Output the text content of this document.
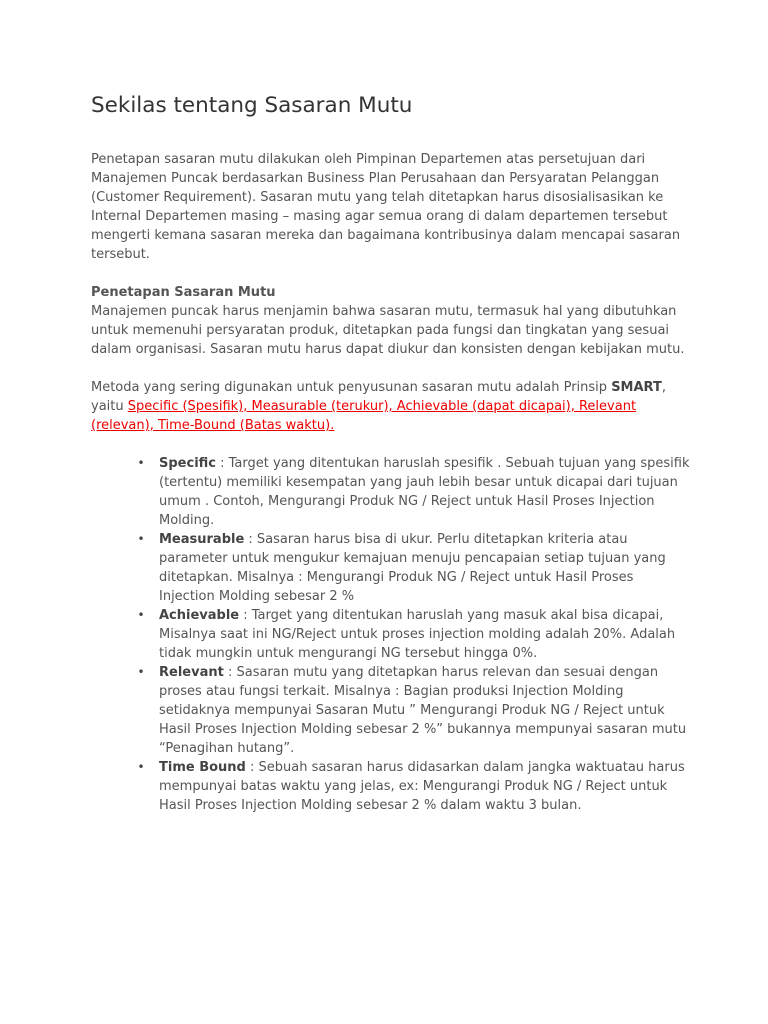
Sekilas tentang Sasaran Mutu

Penetapan sasaran mutu dilakukan oleh Pimpinan Departemen atas persetujuan dari Manajemen Puncak berdasarkan Business Plan Perusahaan dan Persyaratan Pelanggan (Customer Requirement). Sasaran mutu yang telah ditetapkan harus disosialisasikan ke Internal Departemen masing – masing agar semua orang di dalam departemen tersebut mengerti kemana sasaran mereka dan bagaimana kontribusinya dalam mencapai sasaran tersebut.

Penetapan Sasaran Mutu
Manajemen puncak harus menjamin bahwa sasaran mutu, termasuk hal yang dibutuhkan untuk memenuhi persyaratan produk, ditetapkan pada fungsi dan tingkatan yang sesuai dalam organisasi. Sasaran mutu harus dapat diukur dan konsisten dengan kebijakan mutu.

Metoda yang sering digunakan untuk penyusunan sasaran mutu adalah Prinsip SMART, yaitu Specific (Spesifik), Measurable (terukur), Achievable (dapat dicapai), Relevant (relevan), Time-Bound (Batas waktu).

• Specific : Target yang ditentukan haruslah spesifik . Sebuah tujuan yang spesifik (tertentu) memiliki kesempatan yang jauh lebih besar untuk dicapai dari tujuan umum . Contoh, Mengurangi Produk NG / Reject untuk Hasil Proses Injection Molding.
• Measurable : Sasaran harus bisa di ukur. Perlu ditetapkan kriteria atau parameter untuk mengukur kemajuan menuju pencapaian setiap tujuan yang ditetapkan. Misalnya : Mengurangi Produk NG / Reject untuk Hasil Proses Injection Molding sebesar 2 %
• Achievable : Target yang ditentukan haruslah yang masuk akal bisa dicapai, Misalnya saat ini NG/Reject untuk proses injection molding adalah 20%. Adalah tidak mungkin untuk mengurangi NG tersebut hingga 0%.
• Relevant : Sasaran mutu yang ditetapkan harus relevan dan sesuai dengan proses atau fungsi terkait. Misalnya : Bagian produksi Injection Molding setidaknya mempunyai Sasaran Mutu ” Mengurangi Produk NG / Reject untuk Hasil Proses Injection Molding sebesar 2 %” bukannya mempunyai sasaran mutu “Penagihan hutang”.
• Time Bound : Sebuah sasaran harus didasarkan dalam jangka waktuatau harus mempunyai batas waktu yang jelas, ex: Mengurangi Produk NG / Reject untuk Hasil Proses Injection Molding sebesar 2 % dalam waktu 3 bulan.
